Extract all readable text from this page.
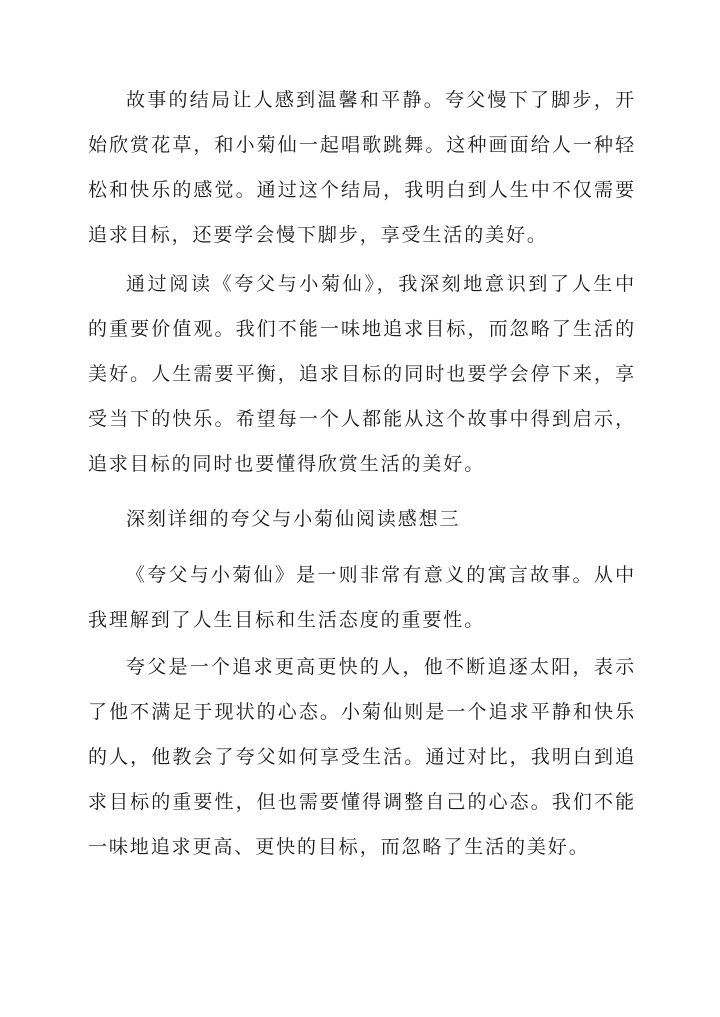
故事的结局让人感到温馨和平静。夸父慢下了脚步，开始欣赏花草，和小菊仙一起唱歌跳舞。这种画面给人一种轻松和快乐的感觉。通过这个结局，我明白到人生中不仅需要追求目标，还要学会慢下脚步，享受生活的美好。

通过阅读《夸父与小菊仙》，我深刻地意识到了人生中的重要价值观。我们不能一味地追求目标，而忽略了生活的美好。人生需要平衡，追求目标的同时也要学会停下来，享受当下的快乐。希望每一个人都能从这个故事中得到启示，追求目标的同时也要懂得欣赏生活的美好。

深刻详细的夸父与小菊仙阅读感想三

《夸父与小菊仙》是一则非常有意义的寓言故事。从中我理解到了人生目标和生活态度的重要性。

夸父是一个追求更高更快的人，他不断追逐太阳，表示了他不满足于现状的心态。小菊仙则是一个追求平静和快乐的人，他教会了夸父如何享受生活。通过对比，我明白到追求目标的重要性，但也需要懂得调整自己的心态。我们不能一味地追求更高、更快的目标，而忽略了生活的美好。
